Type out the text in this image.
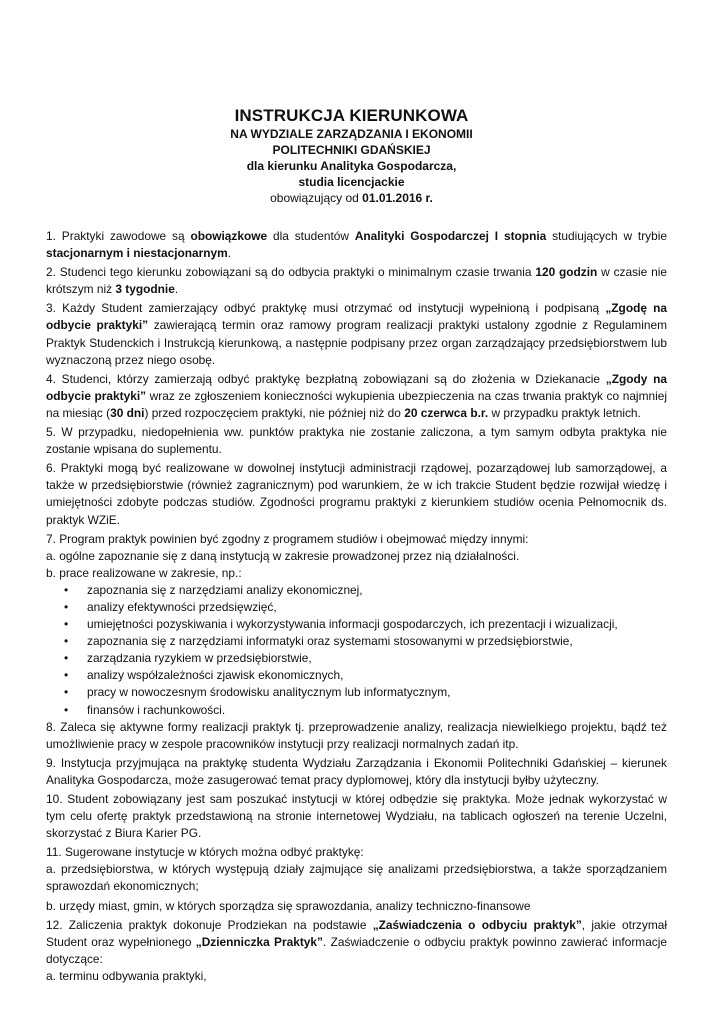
INSTRUKCJA KIERUNKOWA
NA WYDZIALE ZARZĄDZANIA I EKONOMII
POLITECHNIKI GDAŃSKIEJ
dla kierunku Analityka Gospodarcza,
studia licencjackie
obowiązujący od 01.01.2016 r.

1. Praktyki zawodowe są obowiązkowe dla studentów Analityki Gospodarczej I stopnia studiujących w trybie stacjonarnym i niestacjonarnym.

2. Studenci tego kierunku zobowiązani są do odbycia praktyki o minimalnym czasie trwania 120 godzin w czasie nie krótszym niż 3 tygodnie.

3. Każdy Student zamierzający odbyć praktykę musi otrzymać od instytucji wypełnioną i podpisaną „Zgodę na odbycie praktyki” zawierającą termin oraz ramowy program realizacji praktyki ustalony zgodnie z Regulaminem Praktyk Studenckich i Instrukcją kierunkową, a następnie podpisany przez organ zarządzający przedsiębiorstwem lub wyznaczoną przez niego osobę.

4. Studenci, którzy zamierzają odbyć praktykę bezpłatną zobowiązani są do złożenia w Dziekanacie „Zgody na odbycie praktyki” wraz ze zgłoszeniem konieczności wykupienia ubezpieczenia na czas trwania praktyk co najmniej na miesiąc (30 dni) przed rozpoczęciem praktyki, nie później niż do 20 czerwca b.r. w przypadku praktyk letnich.

5. W przypadku, niedopełnienia ww. punktów praktyka nie zostanie zaliczona, a tym samym odbyta praktyka nie zostanie wpisana do suplementu.

6. Praktyki mogą być realizowane w dowolnej instytucji administracji rządowej, pozarządowej lub samorządowej, a także w przedsiębiorstwie (również zagranicznym) pod warunkiem, że w ich trakcie Student będzie rozwijał wiedzę i umiejętności zdobyte podczas studiów. Zgodności programu praktyki z kierunkiem studiów ocenia Pełnomocnik ds. praktyk WZiE.

7. Program praktyk powinien być zgodny z programem studiów i obejmować między innymi:

a. ogólne zapoznanie się z daną instytucją w zakresie prowadzonej przez nią działalności.

b. prace realizowane w zakresie, np.:

• zapoznania się z narzędziami analizy ekonomicznej,
• analizy efektywności przedsięwzięć,
• umiejętności pozyskiwania i wykorzystywania informacji gospodarczych, ich prezentacji i wizualizacji,
• zapoznania się z narzędziami informatyki oraz systemami stosowanymi w przedsiębiorstwie,
• zarządzania ryzykiem w przedsiębiorstwie,
• analizy współzależności zjawisk ekonomicznych,
• pracy w nowoczesnym środowisku analitycznym lub informatycznym,
• finansów i rachunkowości.

8. Zaleca się aktywne formy realizacji praktyk tj. przeprowadzenie analizy, realizacja niewielkiego projektu, bądź też umożliwienie pracy w zespole pracowników instytucji przy realizacji normalnych zadań itp.

9. Instytucja przyjmująca na praktykę studenta Wydziału Zarządzania i Ekonomii Politechniki Gdańskiej – kierunek Analityka Gospodarcza, może zasugerować temat pracy dyplomowej, który dla instytucji byłby użyteczny.

10. Student zobowiązany jest sam poszukać instytucji w której odbędzie się praktyka. Może jednak wykorzystać w tym celu ofertę praktyk przedstawioną na stronie internetowej Wydziału, na tablicach ogłoszeń na terenie Uczelni, skorzystać z Biura Karier PG.

11. Sugerowane instytucje w których można odbyć praktykę:

a. przedsiębiorstwa, w których występują działy zajmujące się analizami przedsiębiorstwa, a także sporządzaniem sprawozdań ekonomicznych;

b. urzędy miast, gmin, w których sporządza się sprawozdania, analizy techniczno-finansowe

12. Zaliczenia praktyk dokonuje Prodziekan na podstawie „Zaświadczenia o odbyciu praktyk”, jakie otrzymał Student oraz wypełnionego „Dzienniczka Praktyk”. Zaświadczenie o odbyciu praktyk powinno zawierać informacje dotyczące:

a. terminu odbywania praktyki,
